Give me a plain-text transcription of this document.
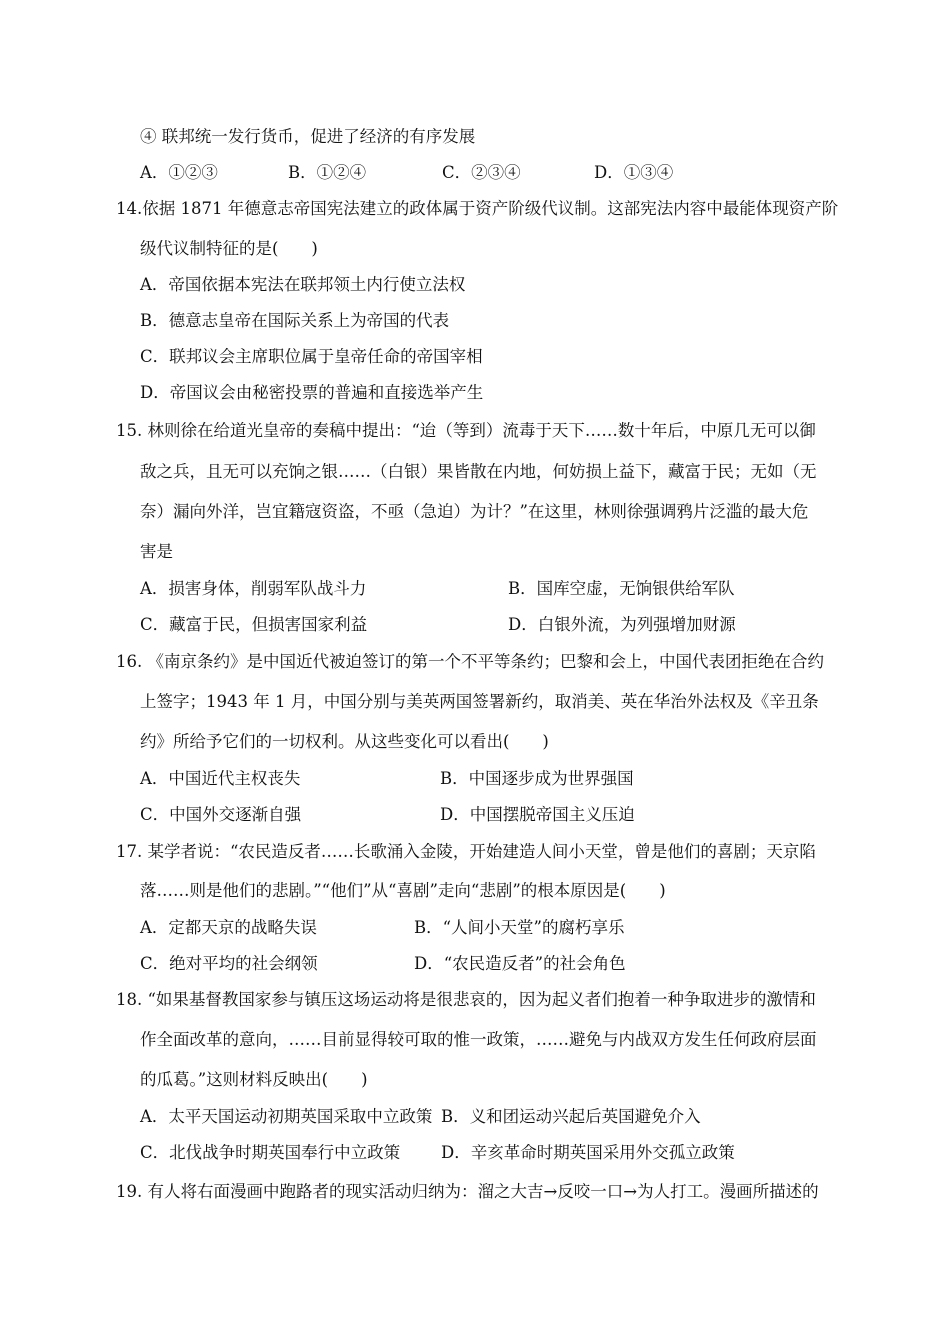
④ 联邦统一发行货币，促进了经济的有序发展
A．①②③	B．①②④	C．②③④	D．①③④
14.依据 1871 年德意志帝国宪法建立的政体属于资产阶级代议制。这部宪法内容中最能体现资产阶
级代议制特征的是(　　)
A．帝国依据本宪法在联邦领土内行使立法权
B．德意志皇帝在国际关系上为帝国的代表
C．联邦议会主席职位属于皇帝任命的帝国宰相
D．帝国议会由秘密投票的普遍和直接选举产生
15. 林则徐在给道光皇帝的奏稿中提出：“迨（等到）流毒于天下……数十年后，中原几无可以御
敌之兵，且无可以充饷之银……（白银）果皆散在内地，何妨损上益下，藏富于民；无如（无
奈）漏向外洋，岂宜籍寇资盗，不亟（急迫）为计？”在这里，林则徐强调鸦片泛滥的最大危
害是
A．损害身体，削弱军队战斗力	B．国库空虚，无饷银供给军队
C．藏富于民，但损害国家利益	D．白银外流，为列强增加财源
16. 《南京条约》是中国近代被迫签订的第一个不平等条约；巴黎和会上，中国代表团拒绝在合约
上签字；1943 年 1 月，中国分别与美英两国签署新约，取消美、英在华治外法权及《辛丑条
约》所给予它们的一切权利。从这些变化可以看出(　　)
A．中国近代主权丧失	B．中国逐步成为世界强国
C．中国外交逐渐自强	D．中国摆脱帝国主义压迫
17. 某学者说：“农民造反者……长歌涌入金陵，开始建造人间小天堂，曾是他们的喜剧；天京陷
落……则是他们的悲剧。”“他们”从“喜剧”走向“悲剧”的根本原因是(　　)
A．定都天京的战略失误	B．“人间小天堂”的腐朽享乐
C．绝对平均的社会纲领	D．“农民造反者”的社会角色
18. “如果基督教国家参与镇压这场运动将是很悲哀的，因为起义者们抱着一种争取进步的激情和
作全面改革的意向，……目前显得较可取的惟一政策，……避免与内战双方发生任何政府层面
的瓜葛。”这则材料反映出(　　)
A．太平天国运动初期英国采取中立政策 B．义和团运动兴起后英国避免介入
C．北伐战争时期英国奉行中立政策 D．辛亥革命时期英国采用外交孤立政策
19. 有人将右面漫画中跑路者的现实活动归纳为：溜之大吉→反咬一口→为人打工。漫画所描述的
